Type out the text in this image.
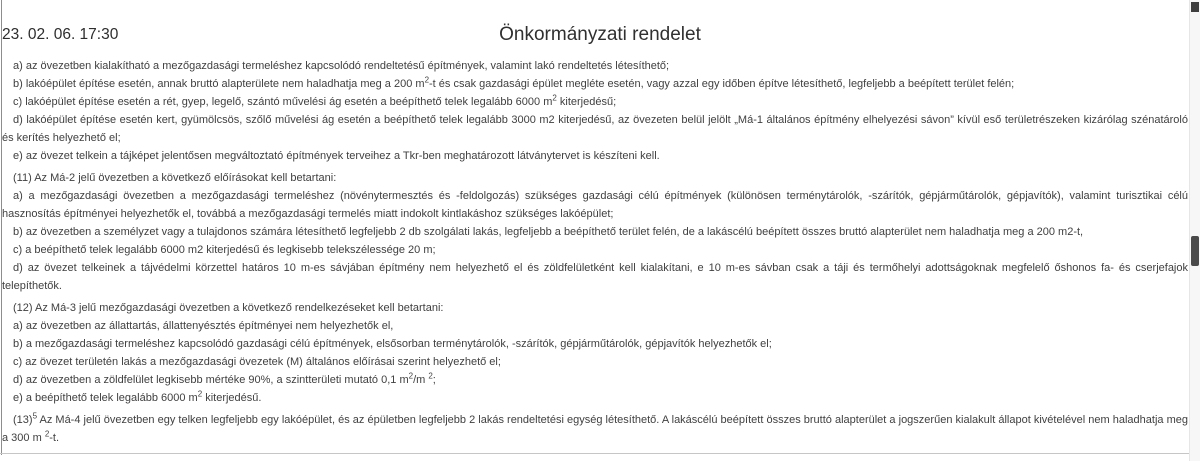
23. 02. 06. 17:30	Önkormányzati rendelet

a) az övezetben kialakítható a mezőgazdasági termeléshez kapcsolódó rendeltetésű építmények, valamint lakó rendeltetés létesíthető;

b) lakóépület építése esetén, annak bruttó alapterülete nem haladhatja meg a 200 $m^2-t$ és csak gazdasági épület megléte esetén, vagy azzal egy időben építve létesíthető, legfeljebb a beépített terület felén;

c) lakóépület építése esetén a rét, gyep, legelő, szántó művelési ág esetén a beépíthető telek legalább 6000 $m^2$ kiterjedésű;

d) lakóépület építése esetén kert, gyümölcsös, szőlő művelési ág esetén a beépíthető telek legalább 3000 m2 kiterjedésű, az övezeten belül jelölt „Má-1 általános építmény elhelyezési sávon” kívül eső területrészeken kizárólag szénatároló és kerítés helyezhető el;

e) az övezet telkein a tájképet jelentősen megváltoztató építmények terveihez a Tkr-ben meghatározott látványtervet is készíteni kell.

(11) Az Má-2 jelű övezetben a következő előírásokat kell betartani:

a) a mezőgazdasági övezetben a mezőgazdasági termeléshez (növénytermesztés és -feldolgozás) szükséges gazdasági célú építmények (különösen terménytárolók, -szárítók, gépjárműtárolók, gépjavítók), valamint turisztikai célú hasznosítás építményei helyezhetők el, továbbá a mezőgazdasági termelés miatt indokolt kintlakáshoz szükséges lakóépület;

b) az övezetben a személyzet vagy a tulajdonos számára létesíthető legfeljebb 2 db szolgálati lakás, legfeljebb a beépíthető terület felén, de a lakáscélú beépített összes bruttó alapterület nem haladhatja meg a 200 m2-t,

c) a beépíthető telek legalább 6000 m2 kiterjedésű és legkisebb telekszélessége 20 m;

d) az övezet telkeinek a tájvédelmi körzettel határos 10 m-es sávjában építmény nem helyezhető el és zöldfelületként kell kialakítani, e 10 m-es sávban csak a táji és termőhelyi adottságoknak megfelelő őshonos fa- és cserjefajok telepíthetők.

(12) Az Má-3 jelű mezőgazdasági övezetben a következő rendelkezéseket kell betartani:

a) az övezetben az állattartás, állattenyésztés építményei nem helyezhetők el,

b) a mezőgazdasági termeléshez kapcsolódó gazdasági célú építmények, elsősorban terménytárolók, -szárítók, gépjárműtárolók, gépjavítók helyezhetők el;

c) az övezet területén lakás a mezőgazdasági övezetek (M) általános előírásai szerint helyezhető el;

d) az övezetben a zöldfelület legkisebb mértéke 90%, a szintterületi mutató 0,1 $m^2/m$ $^2$;

e) a beépíthető telek legalább 6000 $m^2$ kiterjedésű.

$(13)^5$ Az Má-4 jelű övezetben egy telken legfeljebb egy lakóépület, és az épületben legfeljebb 2 lakás rendeltetési egység létesíthető. A lakáscélú beépített összes bruttó alapterület a jogszerűen kialakult állapot kivételével nem haladhatja meg a 300 m $^2$-t.
